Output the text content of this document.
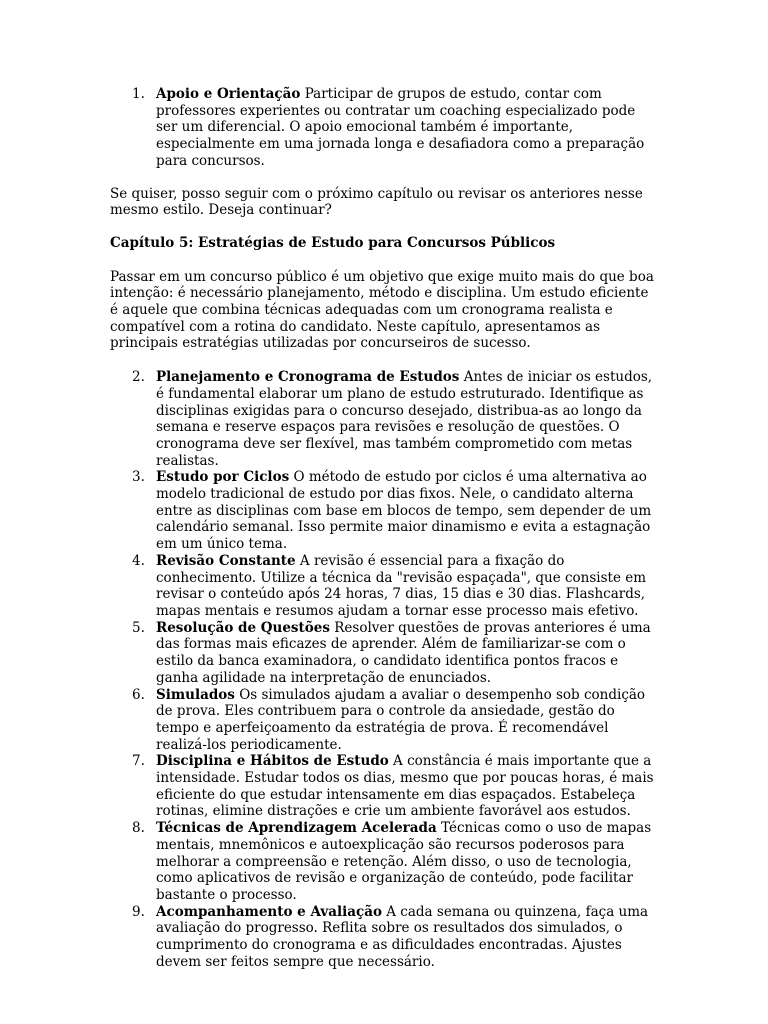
1. Apoio e Orientação Participar de grupos de estudo, contar com professores experientes ou contratar um coaching especializado pode ser um diferencial. O apoio emocional também é importante, especialmente em uma jornada longa e desafiadora como a preparação para concursos.

Se quiser, posso seguir com o próximo capítulo ou revisar os anteriores nesse mesmo estilo. Deseja continuar?

Capítulo 5: Estratégias de Estudo para Concursos Públicos

Passar em um concurso público é um objetivo que exige muito mais do que boa intenção: é necessário planejamento, método e disciplina. Um estudo eficiente é aquele que combina técnicas adequadas com um cronograma realista e compatível com a rotina do candidato. Neste capítulo, apresentamos as principais estratégias utilizadas por concurseiros de sucesso.

2. Planejamento e Cronograma de Estudos Antes de iniciar os estudos, é fundamental elaborar um plano de estudo estruturado. Identifique as disciplinas exigidas para o concurso desejado, distribua-as ao longo da semana e reserve espaços para revisões e resolução de questões. O cronograma deve ser flexível, mas também comprometido com metas realistas.
3. Estudo por Ciclos O método de estudo por ciclos é uma alternativa ao modelo tradicional de estudo por dias fixos. Nele, o candidato alterna entre as disciplinas com base em blocos de tempo, sem depender de um calendário semanal. Isso permite maior dinamismo e evita a estagnação em um único tema.
4. Revisão Constante A revisão é essencial para a fixação do conhecimento. Utilize a técnica da "revisão espaçada", que consiste em revisar o conteúdo após 24 horas, 7 dias, 15 dias e 30 dias. Flashcards, mapas mentais e resumos ajudam a tornar esse processo mais efetivo.
5. Resolução de Questões Resolver questões de provas anteriores é uma das formas mais eficazes de aprender. Além de familiarizar-se com o estilo da banca examinadora, o candidato identifica pontos fracos e ganha agilidade na interpretação de enunciados.
6. Simulados Os simulados ajudam a avaliar o desempenho sob condição de prova. Eles contribuem para o controle da ansiedade, gestão do tempo e aperfeiçoamento da estratégia de prova. É recomendável realizá-los periodicamente.
7. Disciplina e Hábitos de Estudo A constância é mais importante que a intensidade. Estudar todos os dias, mesmo que por poucas horas, é mais eficiente do que estudar intensamente em dias espaçados. Estabeleça rotinas, elimine distrações e crie um ambiente favorável aos estudos.
8. Técnicas de Aprendizagem Acelerada Técnicas como o uso de mapas mentais, mnemônicos e autoexplicação são recursos poderosos para melhorar a compreensão e retenção. Além disso, o uso de tecnologia, como aplicativos de revisão e organização de conteúdo, pode facilitar bastante o processo.
9. Acompanhamento e Avaliação A cada semana ou quinzena, faça uma avaliação do progresso. Reflita sobre os resultados dos simulados, o cumprimento do cronograma e as dificuldades encontradas. Ajustes devem ser feitos sempre que necessário.
